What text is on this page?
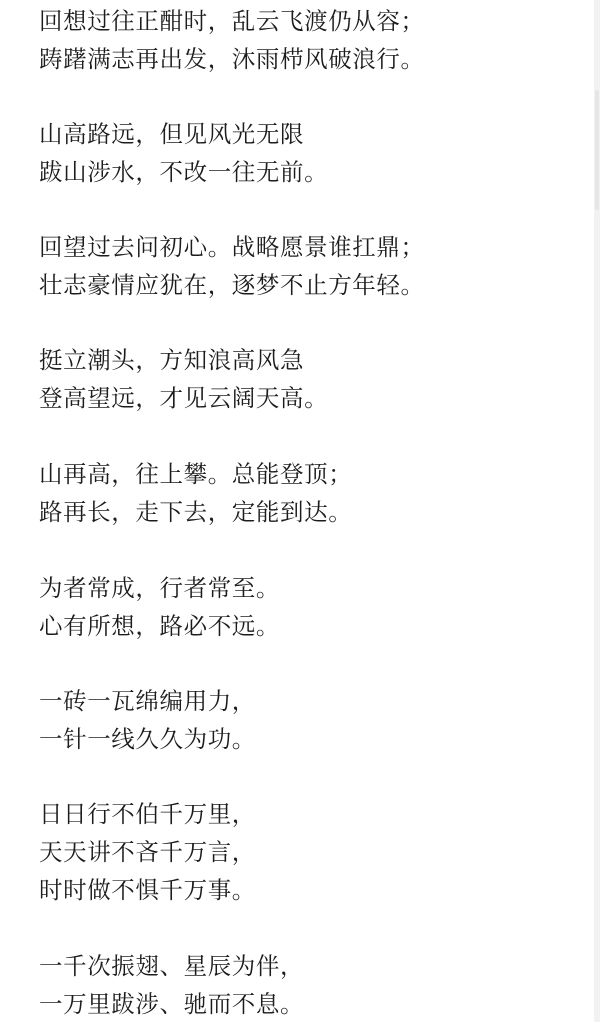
回想过往正酣时，乱云飞渡仍从容；
踌躇满志再出发，沐雨栉风破浪行。
山高路远，但见风光无限
跋山涉水，不改一往无前。
回望过去问初心。战略愿景谁扛鼎；
壮志豪情应犹在，逐梦不止方年轻。
挺立潮头，方知浪高风急
登高望远，才见云阔天高。
山再高，往上攀。总能登顶；
路再长，走下去，定能到达。
为者常成，行者常至。
心有所想，路必不远。
一砖一瓦绵编用力，
一针一线久久为功。
日日行不伯千万里，
天天讲不吝千万言，
时时做不惧千万事。
一千次振翅、星辰为伴，
一万里跋涉、驰而不息。
